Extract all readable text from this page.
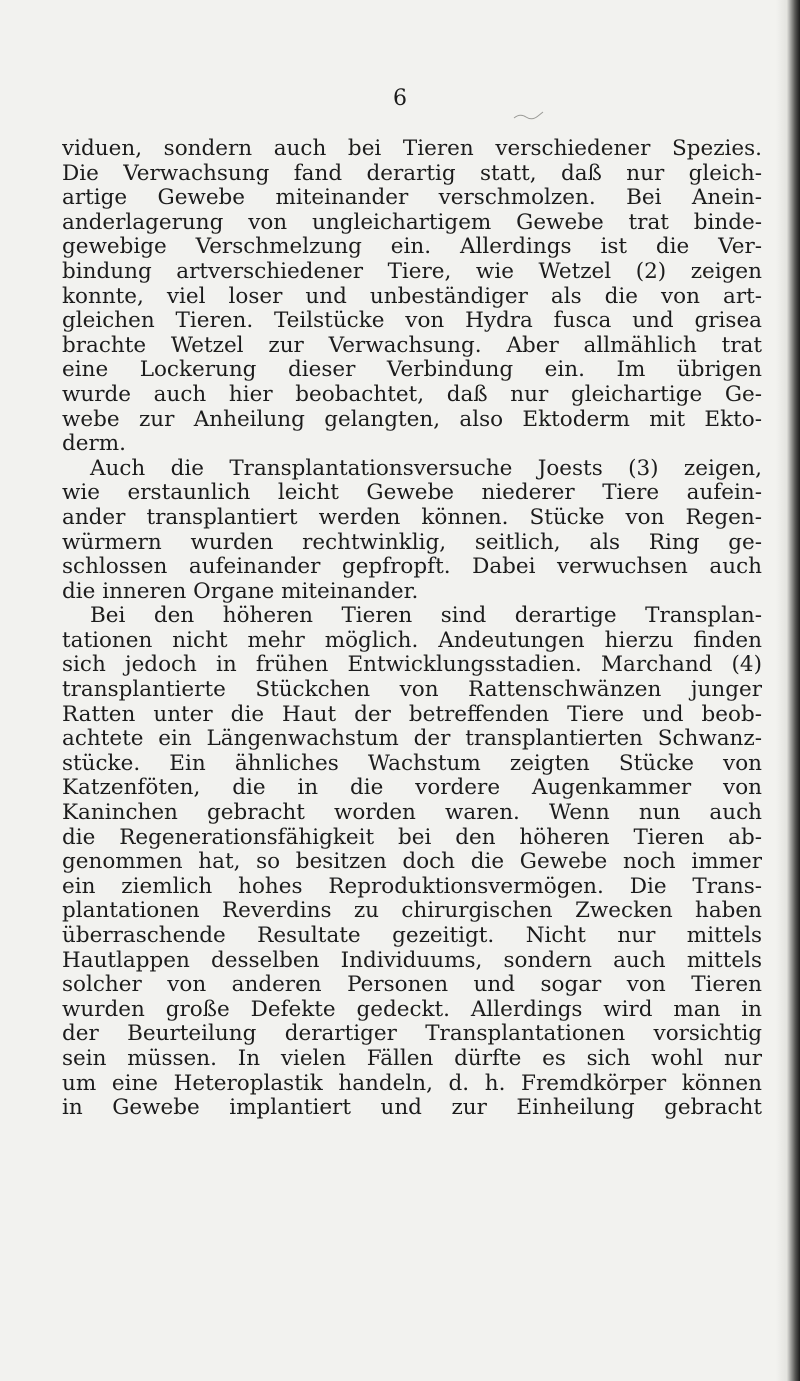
6
viduen, sondern auch bei Tieren verschiedener Spezies.
Die Verwachsung fand derartig statt, daß nur gleich-
artige Gewebe miteinander verschmolzen. Bei Anein-
anderlagerung von ungleichartigem Gewebe trat binde-
gewebige Verschmelzung ein. Allerdings ist die Ver-
bindung artverschiedener Tiere, wie Wetzel (2) zeigen
konnte, viel loser und unbeständiger als die von art-
gleichen Tieren. Teilstücke von Hydra fusca und grisea
brachte Wetzel zur Verwachsung. Aber allmählich trat
eine Lockerung dieser Verbindung ein. Im übrigen
wurde auch hier beobachtet, daß nur gleichartige Ge-
webe zur Anheilung gelangten, also Ektoderm mit Ekto-
derm.
Auch die Transplantationsversuche Joests (3) zeigen,
wie erstaunlich leicht Gewebe niederer Tiere aufein-
ander transplantiert werden können. Stücke von Regen-
würmern wurden rechtwinklig, seitlich, als Ring ge-
schlossen aufeinander gepfropft. Dabei verwuchsen auch
die inneren Organe miteinander.
Bei den höheren Tieren sind derartige Transplan-
tationen nicht mehr möglich. Andeutungen hierzu finden
sich jedoch in frühen Entwicklungsstadien. Marchand (4)
transplantierte Stückchen von Rattenschwänzen junger
Ratten unter die Haut der betreffenden Tiere und beob-
achtete ein Längenwachstum der transplantierten Schwanz-
stücke. Ein ähnliches Wachstum zeigten Stücke von
Katzenföten, die in die vordere Augenkammer von
Kaninchen gebracht worden waren. Wenn nun auch
die Regenerationsfähigkeit bei den höheren Tieren ab-
genommen hat, so besitzen doch die Gewebe noch immer
ein ziemlich hohes Reproduktionsvermögen. Die Trans-
plantationen Reverdins zu chirurgischen Zwecken haben
überraschende Resultate gezeitigt. Nicht nur mittels
Hautlappen desselben Individuums, sondern auch mittels
solcher von anderen Personen und sogar von Tieren
wurden große Defekte gedeckt. Allerdings wird man in
der Beurteilung derartiger Transplantationen vorsichtig
sein müssen. In vielen Fällen dürfte es sich wohl nur
um eine Heteroplastik handeln, d. h. Fremdkörper können
in Gewebe implantiert und zur Einheilung gebracht
